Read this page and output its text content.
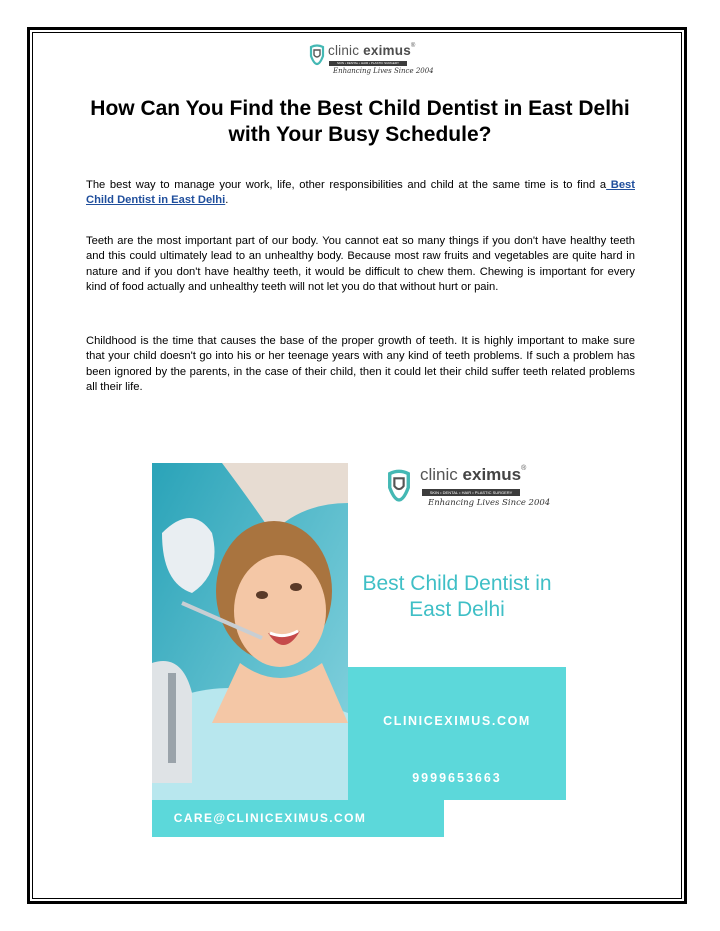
clinic eximus®
SKIN • DENTAL • HAIR • PLASTIC SURGERY
Enhancing Lives Since 2004
How Can You Find the Best Child Dentist in East Delhi with Your Busy Schedule?
The best way to manage your work, life, other responsibilities and child at the same time is to find a Best Child Dentist in East Delhi.
Teeth are the most important part of our body. You cannot eat so many things if you don't have healthy teeth and this could ultimately lead to an unhealthy body. Because most raw fruits and vegetables are quite hard in nature and if you don't have healthy teeth, it would be difficult to chew them. Chewing is important for every kind of food actually and unhealthy teeth will not let you do that without hurt or pain.
Childhood is the time that causes the base of the proper growth of teeth. It is highly important to make sure that your child doesn't go into his or her teenage years with any kind of teeth problems. If such a problem has been ignored by the parents, in the case of their child, then it could let their child suffer teeth related problems all their life.
clinic eximus®
SKIN • DENTAL • HAIR • PLASTIC SURGERY
Enhancing Lives Since 2004
Best Child Dentist in
East Delhi
CLINICEXIMUS.COM
9999653663
CARE@CLINICEXIMUS.COM
